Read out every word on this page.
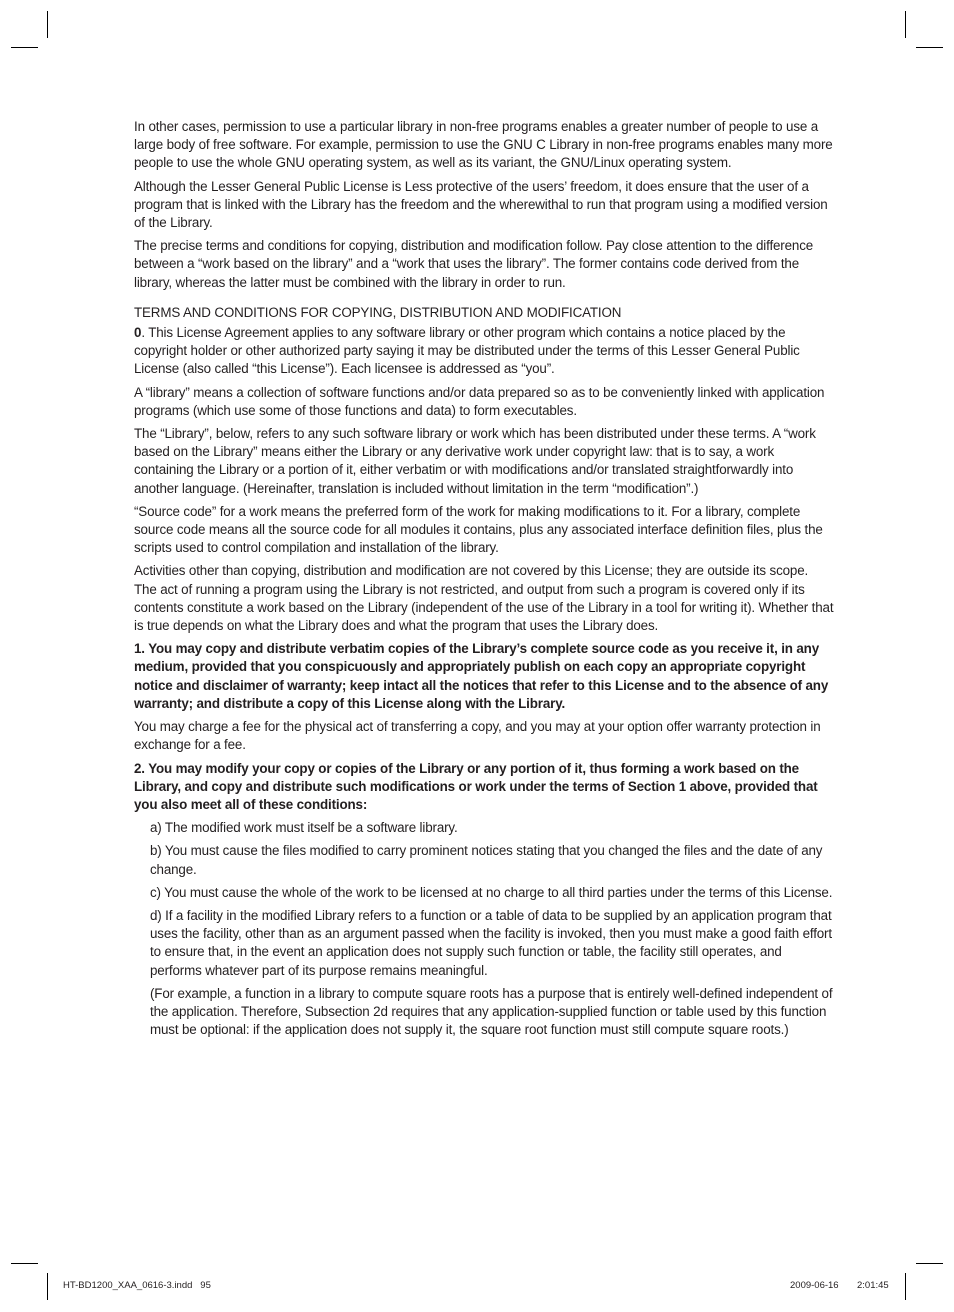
In other cases, permission to use a particular library in non-free programs enables a greater number of people to use a large body of free software. For example, permission to use the GNU C Library in non-free programs enables many more people to use the whole GNU operating system, as well as its variant, the GNU/Linux operating system.

Although the Lesser General Public License is Less protective of the users’ freedom, it does ensure that the user of a program that is linked with the Library has the freedom and the wherewithal to run that program using a modified version of the Library.

The precise terms and conditions for copying, distribution and modification follow. Pay close attention to the difference between a “work based on the library” and a “work that uses the library”. The former contains code derived from the library, whereas the latter must be combined with the library in order to run.

TERMS AND CONDITIONS FOR COPYING, DISTRIBUTION AND MODIFICATION

0. This License Agreement applies to any software library or other program which contains a notice placed by the copyright holder or other authorized party saying it may be distributed under the terms of this Lesser General Public License (also called “this License”). Each licensee is addressed as “you”.

A “library” means a collection of software functions and/or data prepared so as to be conveniently linked with application programs (which use some of those functions and data) to form executables.

The “Library”, below, refers to any such software library or work which has been distributed under these terms. A “work based on the Library” means either the Library or any derivative work under copyright law: that is to say, a work containing the Library or a portion of it, either verbatim or with modifications and/or translated straightforwardly into another language. (Hereinafter, translation is included without limitation in the term “modification”.)

“Source code” for a work means the preferred form of the work for making modifications to it. For a library, complete source code means all the source code for all modules it contains, plus any associated interface definition files, plus the scripts used to control compilation and installation of the library.

Activities other than copying, distribution and modification are not covered by this License; they are outside its scope. The act of running a program using the Library is not restricted, and output from such a program is covered only if its contents constitute a work based on the Library (independent of the use of the Library in a tool for writing it). Whether that is true depends on what the Library does and what the program that uses the Library does.

1. You may copy and distribute verbatim copies of the Library’s complete source code as you receive it, in any medium, provided that you conspicuously and appropriately publish on each copy an appropriate copyright notice and disclaimer of warranty; keep intact all the notices that refer to this License and to the absence of any warranty; and distribute a copy of this License along with the Library.

You may charge a fee for the physical act of transferring a copy, and you may at your option offer warranty protection in exchange for a fee.

2. You may modify your copy or copies of the Library or any portion of it, thus forming a work based on the Library, and copy and distribute such modifications or work under the terms of Section 1 above, provided that you also meet all of these conditions:

a) The modified work must itself be a software library.

b) You must cause the files modified to carry prominent notices stating that you changed the files and the date of any change.

c) You must cause the whole of the work to be licensed at no charge to all third parties under the terms of this License.

d) If a facility in the modified Library refers to a function or a table of data to be supplied by an application program that uses the facility, other than as an argument passed when the facility is invoked, then you must make a good faith effort to ensure that, in the event an application does not supply such function or table, the facility still operates, and performs whatever part of its purpose remains meaningful.

(For example, a function in a library to compute square roots has a purpose that is entirely well-defined independent of the application. Therefore, Subsection 2d requires that any application-supplied function or table used by this function must be optional: if the application does not supply it, the square root function must still compute square roots.)

HT-BD1200_XAA_0616-3.indd   95	2009-06-16 2:01:45
